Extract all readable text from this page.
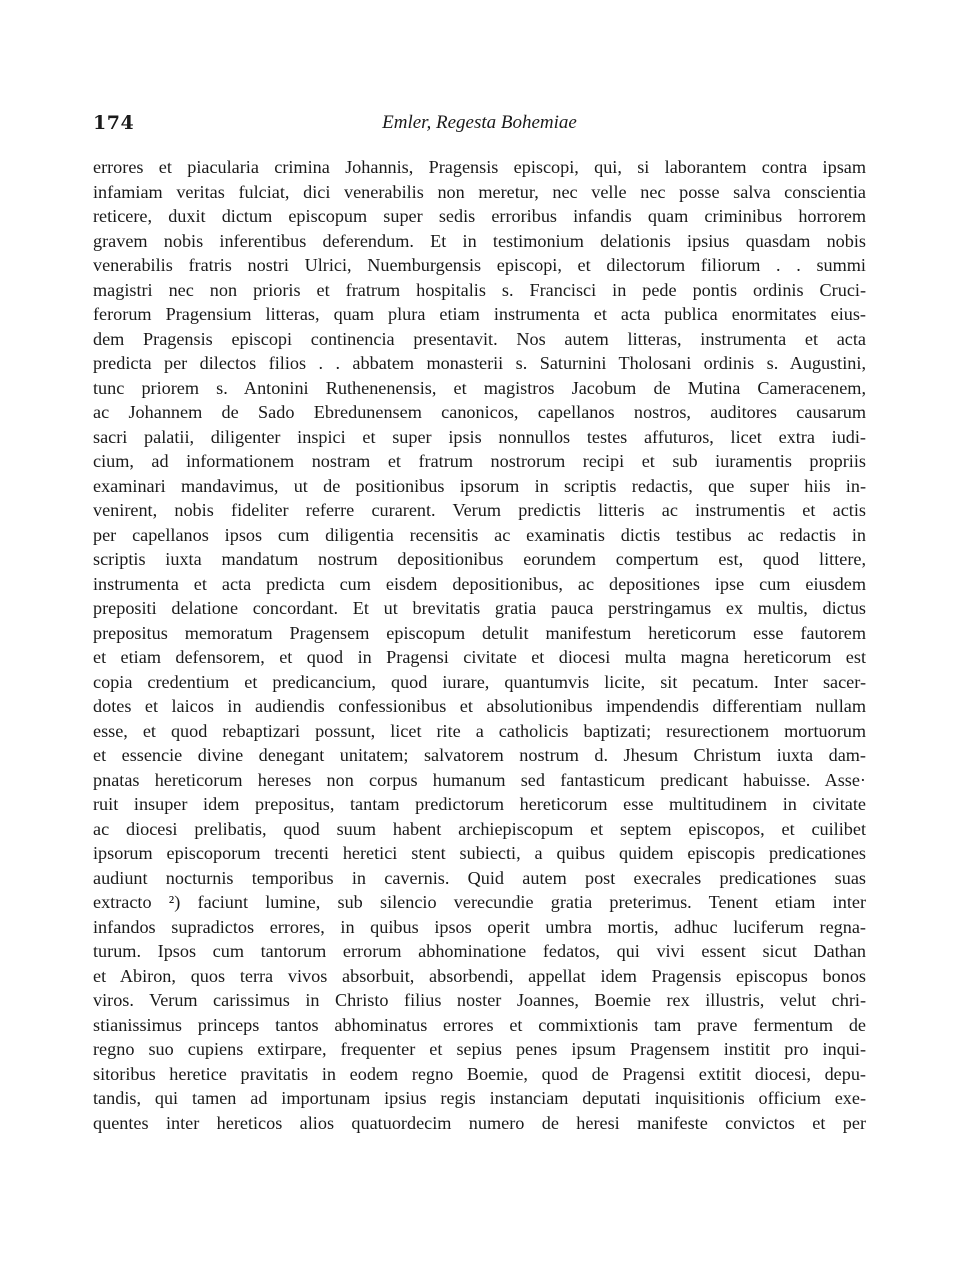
174	Emler, Regesta Bohemiae
errores et piacularia crimina Johannis, Pragensis episcopi, qui, si laborantem contra ipsam
infamiam veritas fulciat, dici venerabilis non meretur, nec velle nec posse salva conscientia
reticere, duxit dictum episcopum super sedis erroribus infandis quam criminibus horrorem
gravem nobis inferentibus deferendum. Et in testimonium delationis ipsius quasdam nobis
venerabilis fratris nostri Ulrici, Nuemburgensis episcopi, et dilectorum filiorum . . summi
magistri nec non prioris et fratrum hospitalis s. Francisci in pede pontis ordinis Cruci-
ferorum Pragensium litteras, quam plura etiam instrumenta et acta publica enormitates eius-
dem Pragensis episcopi continencia presentavit. Nos autem litteras, instrumenta et acta
predicta per dilectos filios . . abbatem monasterii s. Saturnini Tholosani ordinis s. Augustini,
tunc priorem s. Antonini Ruthenenensis, et magistros Jacobum de Mutina Cameracenem,
ac Johannem de Sado Ebredunensem canonicos, capellanos nostros, auditores causarum
sacri palatii, diligenter inspici et super ipsis nonnullos testes affuturos, licet extra iudi-
cium, ad informationem nostram et fratrum nostrorum recipi et sub iuramentis propriis
examinari mandavimus, ut de positionibus ipsorum in scriptis redactis, que super hiis in-
venirent, nobis fideliter referre curarent. Verum predictis litteris ac instrumentis et actis
per capellanos ipsos cum diligentia recensitis ac examinatis dictis testibus ac redactis in
scriptis iuxta mandatum nostrum depositionibus eorundem compertum est, quod littere,
instrumenta et acta predicta cum eisdem depositionibus, ac depositiones ipse cum eiusdem
prepositi delatione concordant. Et ut brevitatis gratia pauca perstringamus ex multis, dictus
prepositus memoratum Pragensem episcopum detulit manifestum hereticorum esse fautorem
et etiam defensorem, et quod in Pragensi civitate et diocesi multa magna hereticorum est
copia credentium et predicancium, quod iurare, quantumvis licite, sit pecatum. Inter sacer-
dotes et laicos in audiendis confessionibus et absolutionibus impendendis differentiam nullam
esse, et quod rebaptizari possunt, licet rite a catholicis baptizati; resurectionem mortuorum
et essencie divine denegant unitatem; salvatorem nostrum d. Jhesum Christum iuxta dam-
pnatas hereticorum hereses non corpus humanum sed fantasticum predicant habuisse. Asse·
ruit insuper idem prepositus, tantam predictorum hereticorum esse multitudinem in civitate
ac diocesi prelibatis, quod suum habent archiepiscopum et septem episcopos, et cuilibet
ipsorum episcoporum trecenti heretici stent subiecti, a quibus quidem episcopis predicationes
audiunt nocturnis temporibus in cavernis. Quid autem post execrales predicationes suas
extracto ²) faciunt lumine, sub silencio verecundie gratia preterimus. Tenent etiam inter
infandos supradictos errores, in quibus ipsos operit umbra mortis, adhuc luciferum regna-
turum. Ipsos cum tantorum errorum abhominatione fedatos, qui vivi essent sicut Dathan
et Abiron, quos terra vivos absorbuit, absorbendi, appellat idem Pragensis episcopus bonos
viros. Verum carissimus in Christo filius noster Joannes, Boemie rex illustris, velut chri-
stianissimus princeps tantos abhominatus errores et commixtionis tam prave fermentum de
regno suo cupiens extirpare, frequenter et sepius penes ipsum Pragensem institit pro inqui-
sitoribus heretice pravitatis in eodem regno Boemie, quod de Pragensi extitit diocesi, depu-
tandis, qui tamen ad importunam ipsius regis instanciam deputati inquisitionis officium exe-
quentes inter hereticos alios quatuordecim numero de heresi manifeste convictos et per
